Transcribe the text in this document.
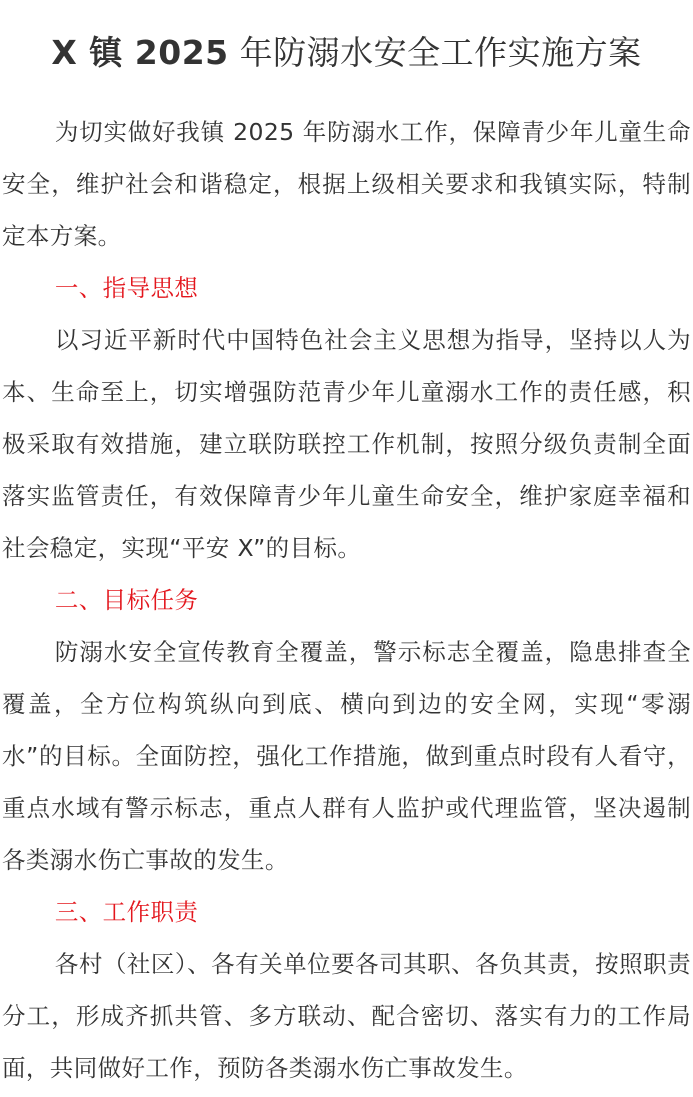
X 镇 2025 年防溺水安全工作实施方案

为切实做好我镇 2025 年防溺水工作，保障青少年儿童生命安全，维护社会和谐稳定，根据上级相关要求和我镇实际，特制定本方案。

一、指导思想

以习近平新时代中国特色社会主义思想为指导，坚持以人为本、生命至上，切实增强防范青少年儿童溺水工作的责任感，积极采取有效措施，建立联防联控工作机制，按照分级负责制全面落实监管责任，有效保障青少年儿童生命安全，维护家庭幸福和社会稳定，实现“平安 X”的目标。

二、目标任务

防溺水安全宣传教育全覆盖，警示标志全覆盖，隐患排查全覆盖，全方位构筑纵向到底、横向到边的安全网，实现“零溺水”的目标。全面防控，强化工作措施，做到重点时段有人看守，重点水域有警示标志，重点人群有人监护或代理监管，坚决遏制各类溺水伤亡事故的发生。

三、工作职责

各村（社区）、各有关单位要各司其职、各负其责，按照职责分工，形成齐抓共管、多方联动、配合密切、落实有力的工作局面，共同做好工作，预防各类溺水伤亡事故发生。
